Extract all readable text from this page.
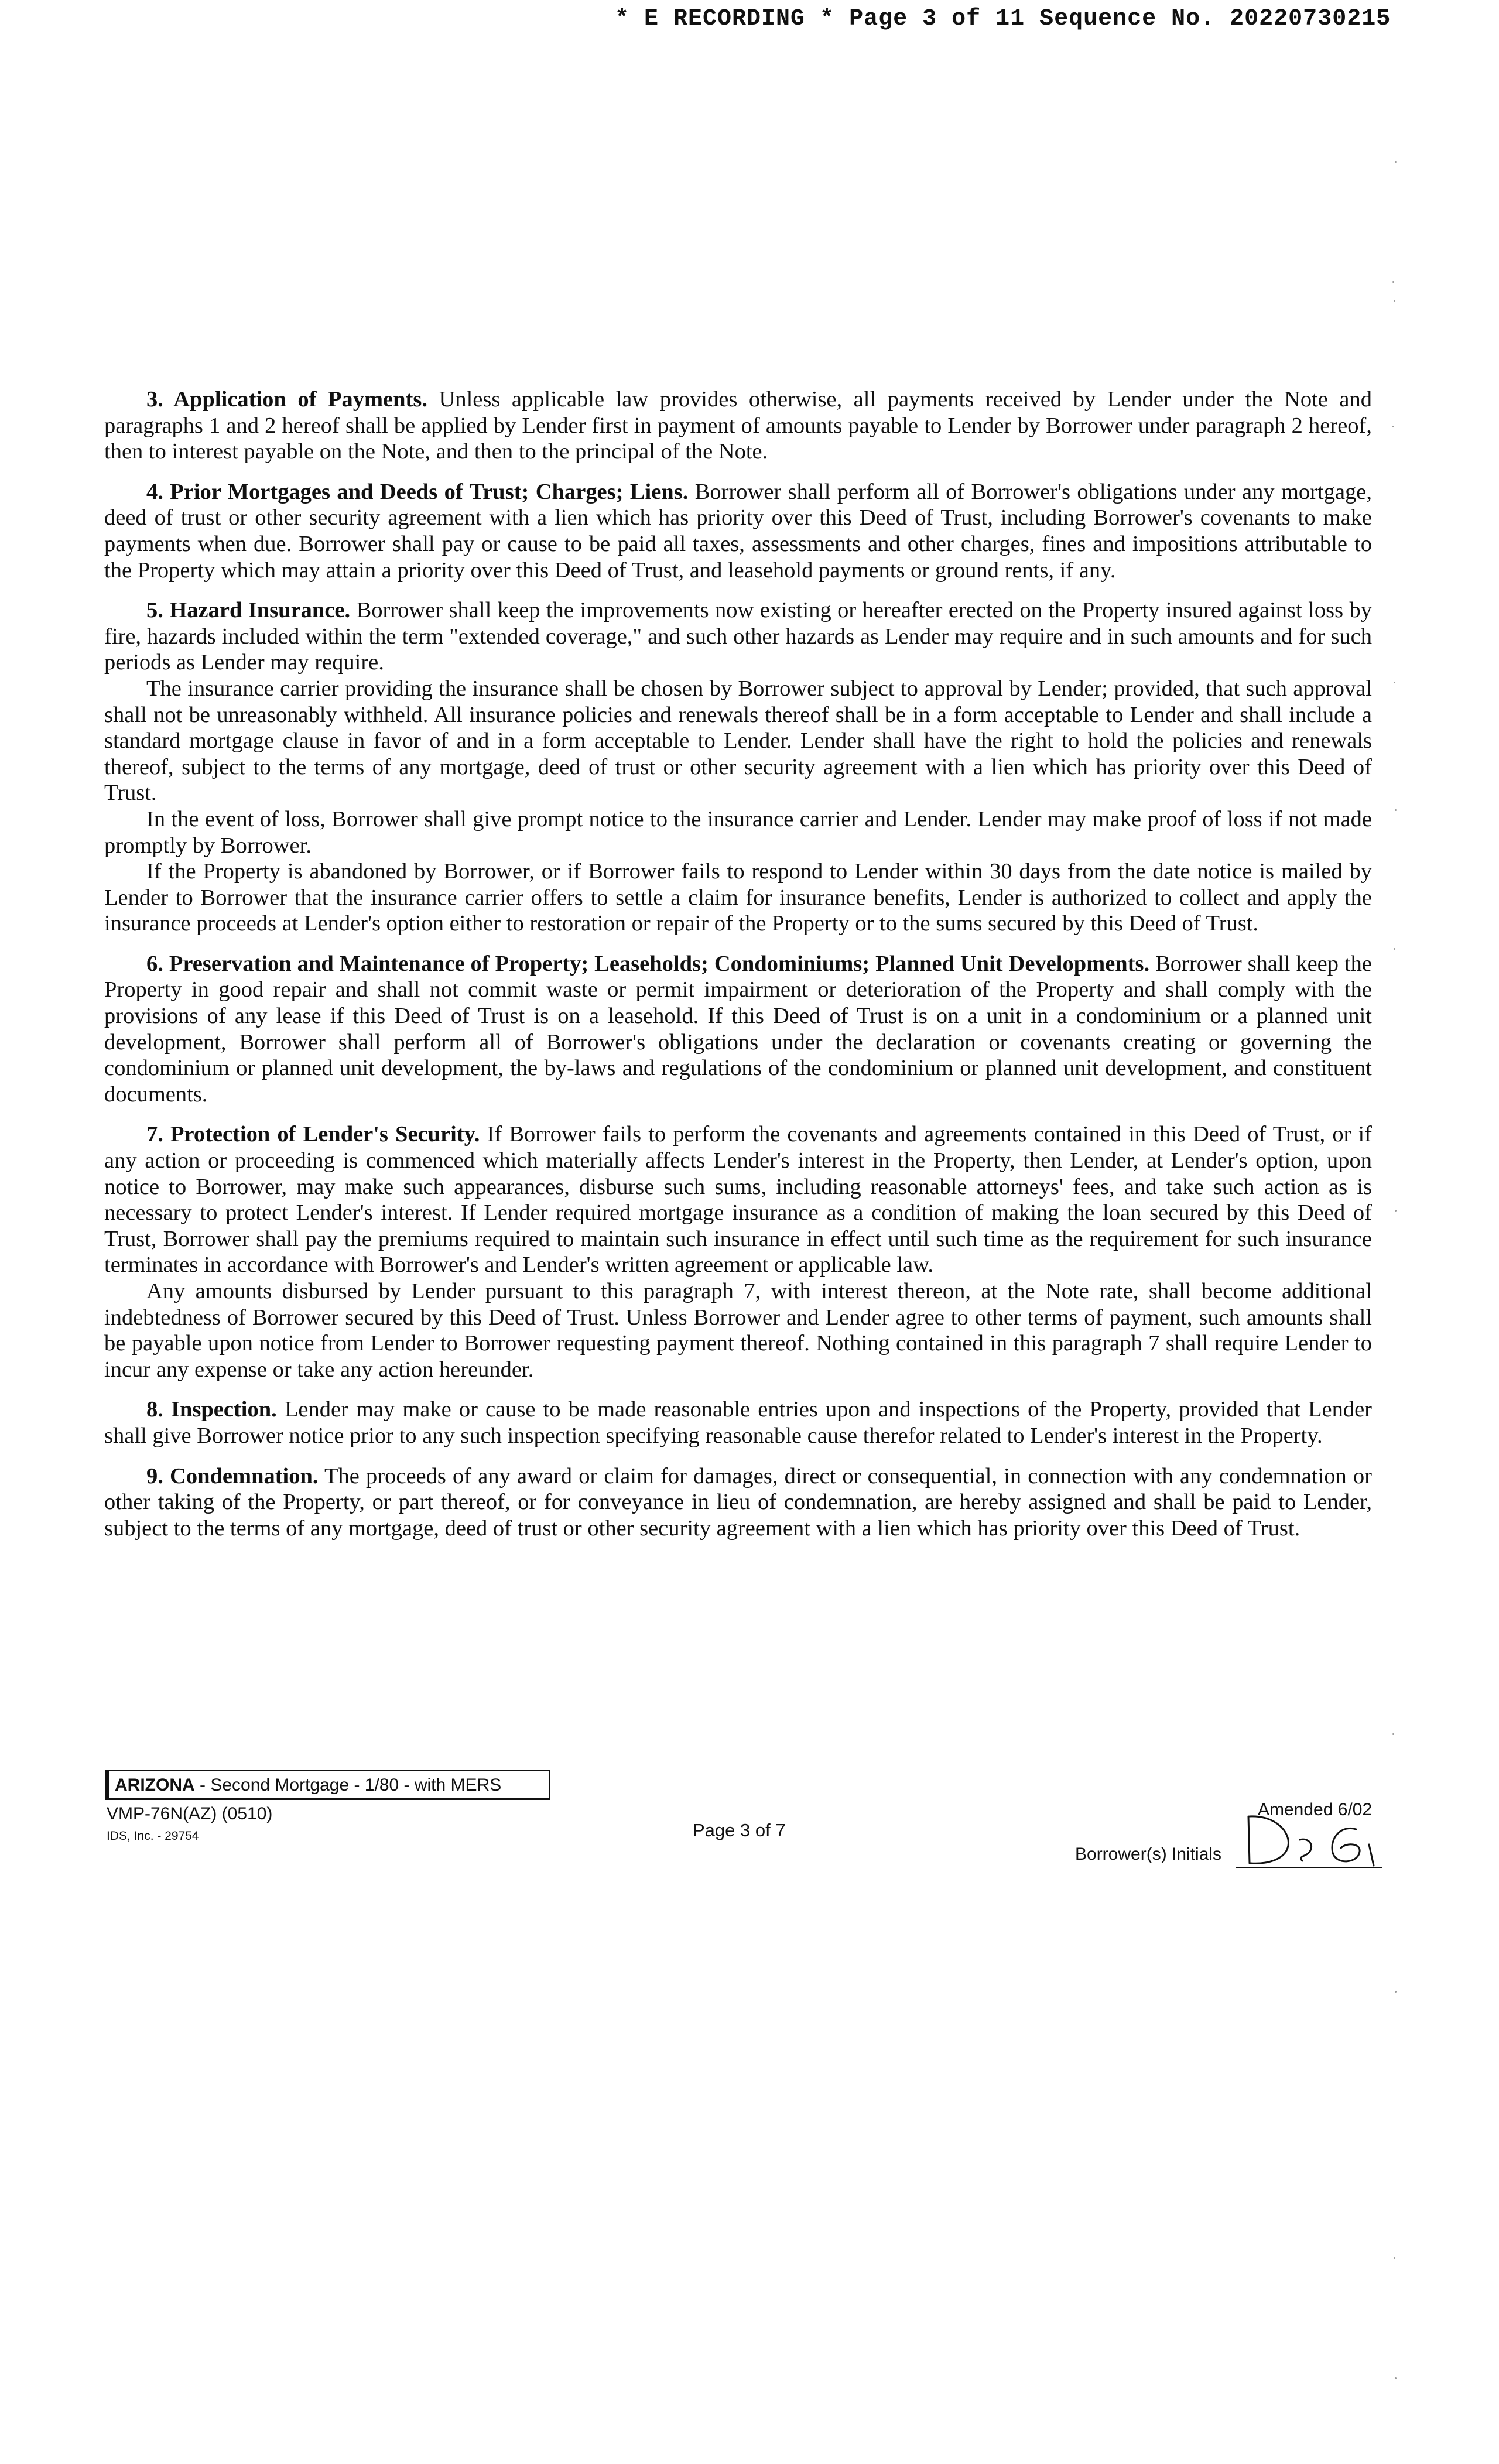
* E RECORDING * Page 3 of 11 Sequence No. 20220730215

3. Application of Payments. Unless applicable law provides otherwise, all payments received by Lender under the Note and paragraphs 1 and 2 hereof shall be applied by Lender first in payment of amounts payable to Lender by Borrower under paragraph 2 hereof, then to interest payable on the Note, and then to the principal of the Note.

4. Prior Mortgages and Deeds of Trust; Charges; Liens. Borrower shall perform all of Borrower's obligations under any mortgage, deed of trust or other security agreement with a lien which has priority over this Deed of Trust, including Borrower's covenants to make payments when due. Borrower shall pay or cause to be paid all taxes, assessments and other charges, fines and impositions attributable to the Property which may attain a priority over this Deed of Trust, and leasehold payments or ground rents, if any.

5. Hazard Insurance. Borrower shall keep the improvements now existing or hereafter erected on the Property insured against loss by fire, hazards included within the term "extended coverage," and such other hazards as Lender may require and in such amounts and for such periods as Lender may require.

The insurance carrier providing the insurance shall be chosen by Borrower subject to approval by Lender; provided, that such approval shall not be unreasonably withheld. All insurance policies and renewals thereof shall be in a form acceptable to Lender and shall include a standard mortgage clause in favor of and in a form acceptable to Lender. Lender shall have the right to hold the policies and renewals thereof, subject to the terms of any mortgage, deed of trust or other security agreement with a lien which has priority over this Deed of Trust.

In the event of loss, Borrower shall give prompt notice to the insurance carrier and Lender. Lender may make proof of loss if not made promptly by Borrower.

If the Property is abandoned by Borrower, or if Borrower fails to respond to Lender within 30 days from the date notice is mailed by Lender to Borrower that the insurance carrier offers to settle a claim for insurance benefits, Lender is authorized to collect and apply the insurance proceeds at Lender's option either to restoration or repair of the Property or to the sums secured by this Deed of Trust.

6. Preservation and Maintenance of Property; Leaseholds; Condominiums; Planned Unit Developments. Borrower shall keep the Property in good repair and shall not commit waste or permit impairment or deterioration of the Property and shall comply with the provisions of any lease if this Deed of Trust is on a leasehold. If this Deed of Trust is on a unit in a condominium or a planned unit development, Borrower shall perform all of Borrower's obligations under the declaration or covenants creating or governing the condominium or planned unit development, the by-laws and regulations of the condominium or planned unit development, and constituent documents.

7. Protection of Lender's Security. If Borrower fails to perform the covenants and agreements contained in this Deed of Trust, or if any action or proceeding is commenced which materially affects Lender's interest in the Property, then Lender, at Lender's option, upon notice to Borrower, may make such appearances, disburse such sums, including reasonable attorneys' fees, and take such action as is necessary to protect Lender's interest. If Lender required mortgage insurance as a condition of making the loan secured by this Deed of Trust, Borrower shall pay the premiums required to maintain such insurance in effect until such time as the requirement for such insurance terminates in accordance with Borrower's and Lender's written agreement or applicable law.

Any amounts disbursed by Lender pursuant to this paragraph 7, with interest thereon, at the Note rate, shall become additional indebtedness of Borrower secured by this Deed of Trust. Unless Borrower and Lender agree to other terms of payment, such amounts shall be payable upon notice from Lender to Borrower requesting payment thereof. Nothing contained in this paragraph 7 shall require Lender to incur any expense or take any action hereunder.

8. Inspection. Lender may make or cause to be made reasonable entries upon and inspections of the Property, provided that Lender shall give Borrower notice prior to any such inspection specifying reasonable cause therefor related to Lender's interest in the Property.

9. Condemnation. The proceeds of any award or claim for damages, direct or consequential, in connection with any condemnation or other taking of the Property, or part thereof, or for conveyance in lieu of condemnation, are hereby assigned and shall be paid to Lender, subject to the terms of any mortgage, deed of trust or other security agreement with a lien which has priority over this Deed of Trust.

ARIZONA - Second Mortgage - 1/80 - with MERS
VMP-76N(AZ) (0510)
IDS, Inc. - 29754	Page 3 of 7
Amended 6/02
Borrower(s) Initials
